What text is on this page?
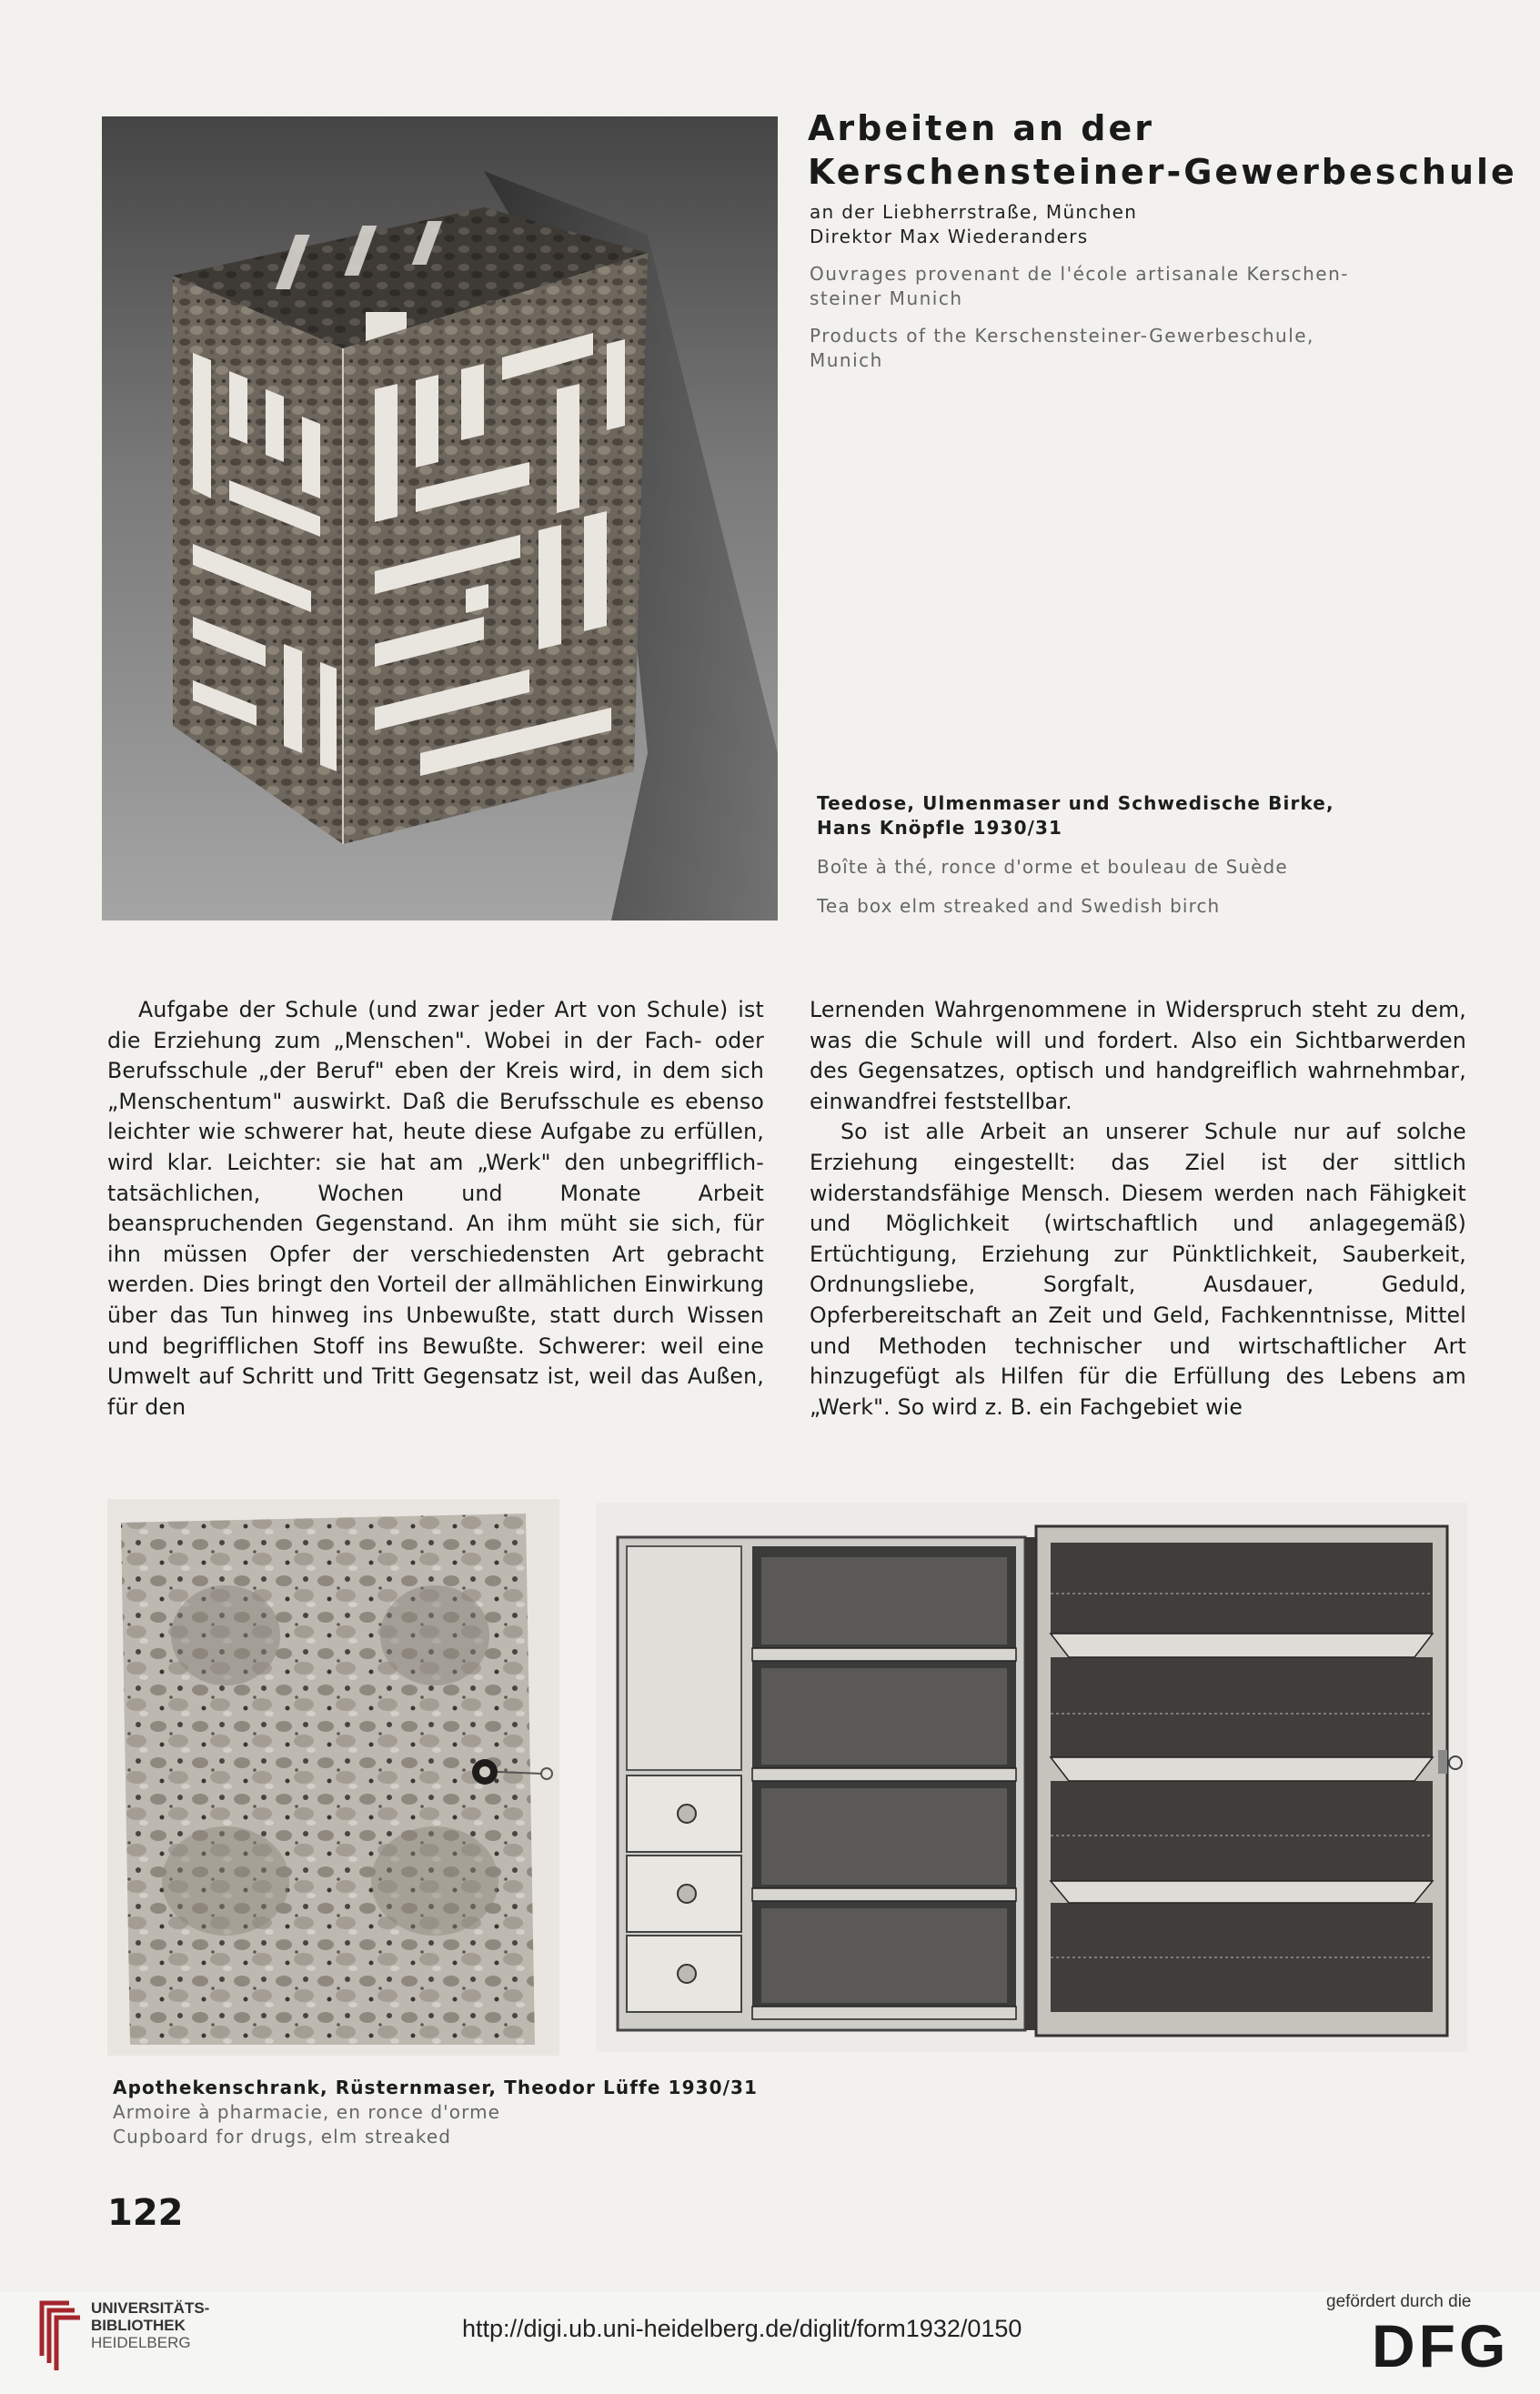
Arbeiten an der
Kerschensteiner-Gewerbeschule
an der Liebherrstraße, München
Direktor Max Wiederanders
Ouvrages provenant de l'école artisanale Kerschen-
steiner Munich
Products of the Kerschensteiner-Gewerbeschule,
Munich
Teedose, Ulmenmaser und Schwedische Birke,
Hans Knöpfle 1930/31
Boîte à thé, ronce d'orme et bouleau de Suède
Tea box elm streaked and Swedish birch

Aufgabe der Schule (und zwar jeder Art von Schule) ist die Erziehung zum „Menschen". Wobei in der Fach- oder Berufsschule „der Beruf" eben der Kreis wird, in dem sich „Menschentum" auswirkt. Daß die Berufsschule es ebenso leichter wie schwerer hat, heute diese Aufgabe zu erfüllen, wird klar. Leichter: sie hat am „Werk" den unbegrifflich-tatsächlichen, Wochen und Monate Arbeit beanspruchenden Gegenstand. An ihm müht sie sich, für ihn müssen Opfer der verschiedensten Art gebracht werden. Dies bringt den Vorteil der allmählichen Einwirkung über das Tun hinweg ins Unbewußte, statt durch Wissen und begrifflichen Stoff ins Bewußte. Schwerer: weil eine Umwelt auf Schritt und Tritt Gegensatz ist, weil das Außen, für den

Lernenden Wahrgenommene in Widerspruch steht zu dem, was die Schule will und fordert. Also ein Sichtbarwerden des Gegensatzes, optisch und handgreiflich wahrnehmbar, einwandfrei feststellbar.

So ist alle Arbeit an unserer Schule nur auf solche Erziehung eingestellt: das Ziel ist der sittlich widerstandsfähige Mensch. Diesem werden nach Fähigkeit und Möglichkeit (wirtschaftlich und anlagegemäß) Ertüchtigung, Erziehung zur Pünktlichkeit, Sauberkeit, Ordnungsliebe, Sorgfalt, Ausdauer, Geduld, Opferbereitschaft an Zeit und Geld, Fachkenntnisse, Mittel und Methoden technischer und wirtschaftlicher Art hinzugefügt als Hilfen für die Erfüllung des Lebens am „Werk". So wird z. B. ein Fachgebiet wie

Apothekenschrank, Rüsternmaser, Theodor Lüffe 1930/31
Armoire à pharmacie, en ronce d'orme
Cupboard for drugs, elm streaked
122
UNIVERSITÄTS-
BIBLIOTHEK
HEIDELBERG
http://digi.ub.uni-heidelberg.de/diglit/form1932/0150
gefördert durch die
DFG
